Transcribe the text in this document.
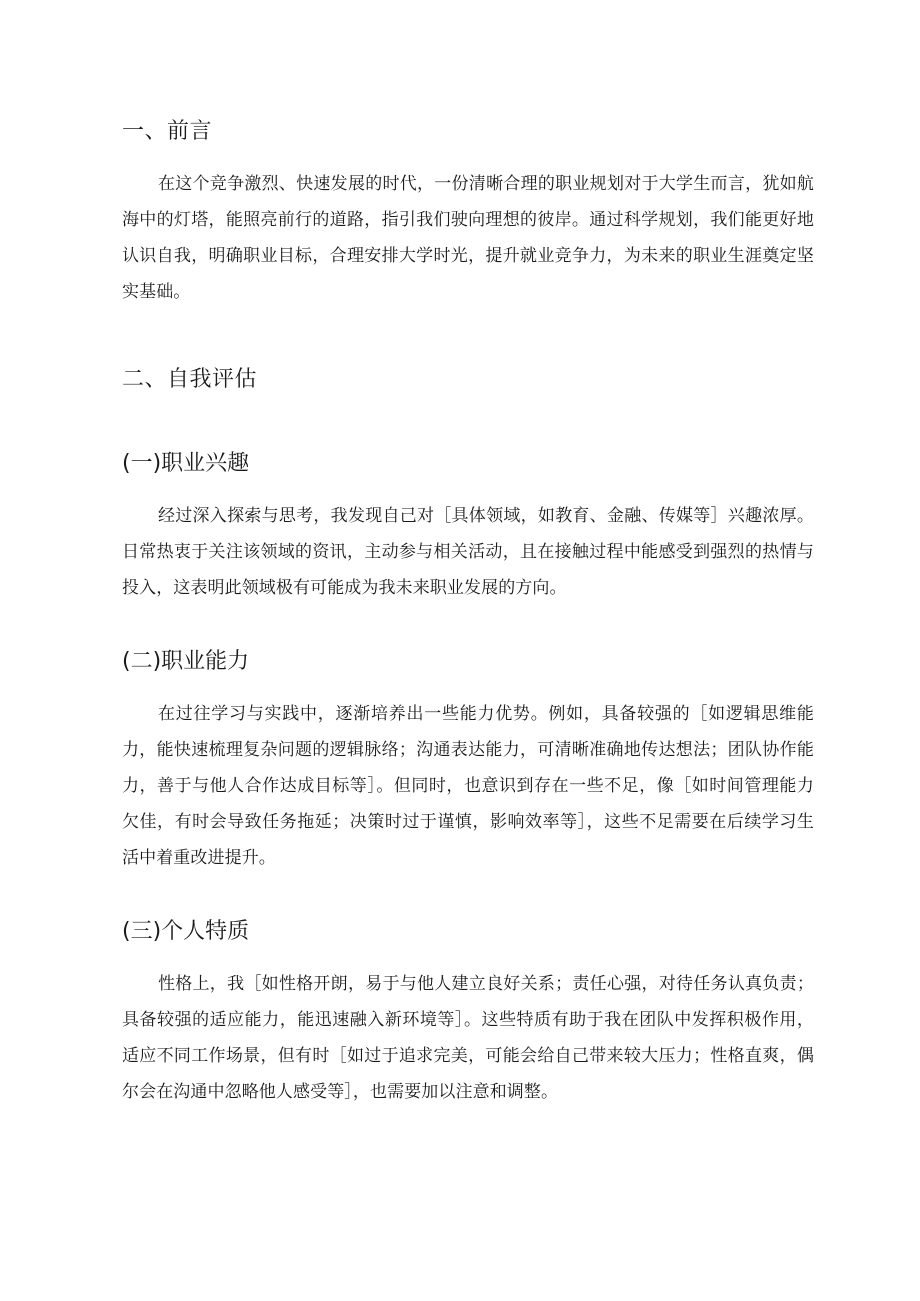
一、前言

在这个竞争激烈、快速发展的时代，一份清晰合理的职业规划对于大学生而言，犹如航海中的灯塔，能照亮前行的道路，指引我们驶向理想的彼岸。通过科学规划，我们能更好地认识自我，明确职业目标，合理安排大学时光，提升就业竞争力，为未来的职业生涯奠定坚实基础。

二、自我评估
(一)职业兴趣

经过深入探索与思考，我发现自己对［具体领域，如教育、金融、传媒等］兴趣浓厚。日常热衷于关注该领域的资讯，主动参与相关活动，且在接触过程中能感受到强烈的热情与投入，这表明此领域极有可能成为我未来职业发展的方向。

(二)职业能力

在过往学习与实践中，逐渐培养出一些能力优势。例如，具备较强的［如逻辑思维能力，能快速梳理复杂问题的逻辑脉络；沟通表达能力，可清晰准确地传达想法；团队协作能力，善于与他人合作达成目标等］。但同时，也意识到存在一些不足，像［如时间管理能力欠佳，有时会导致任务拖延；决策时过于谨慎，影响效率等］，这些不足需要在后续学习生活中着重改进提升。

(三)个人特质

性格上，我［如性格开朗，易于与他人建立良好关系；责任心强，对待任务认真负责；具备较强的适应能力，能迅速融入新环境等］。这些特质有助于我在团队中发挥积极作用，适应不同工作场景，但有时［如过于追求完美，可能会给自己带来较大压力；性格直爽，偶尔会在沟通中忽略他人感受等］，也需要加以注意和调整。
